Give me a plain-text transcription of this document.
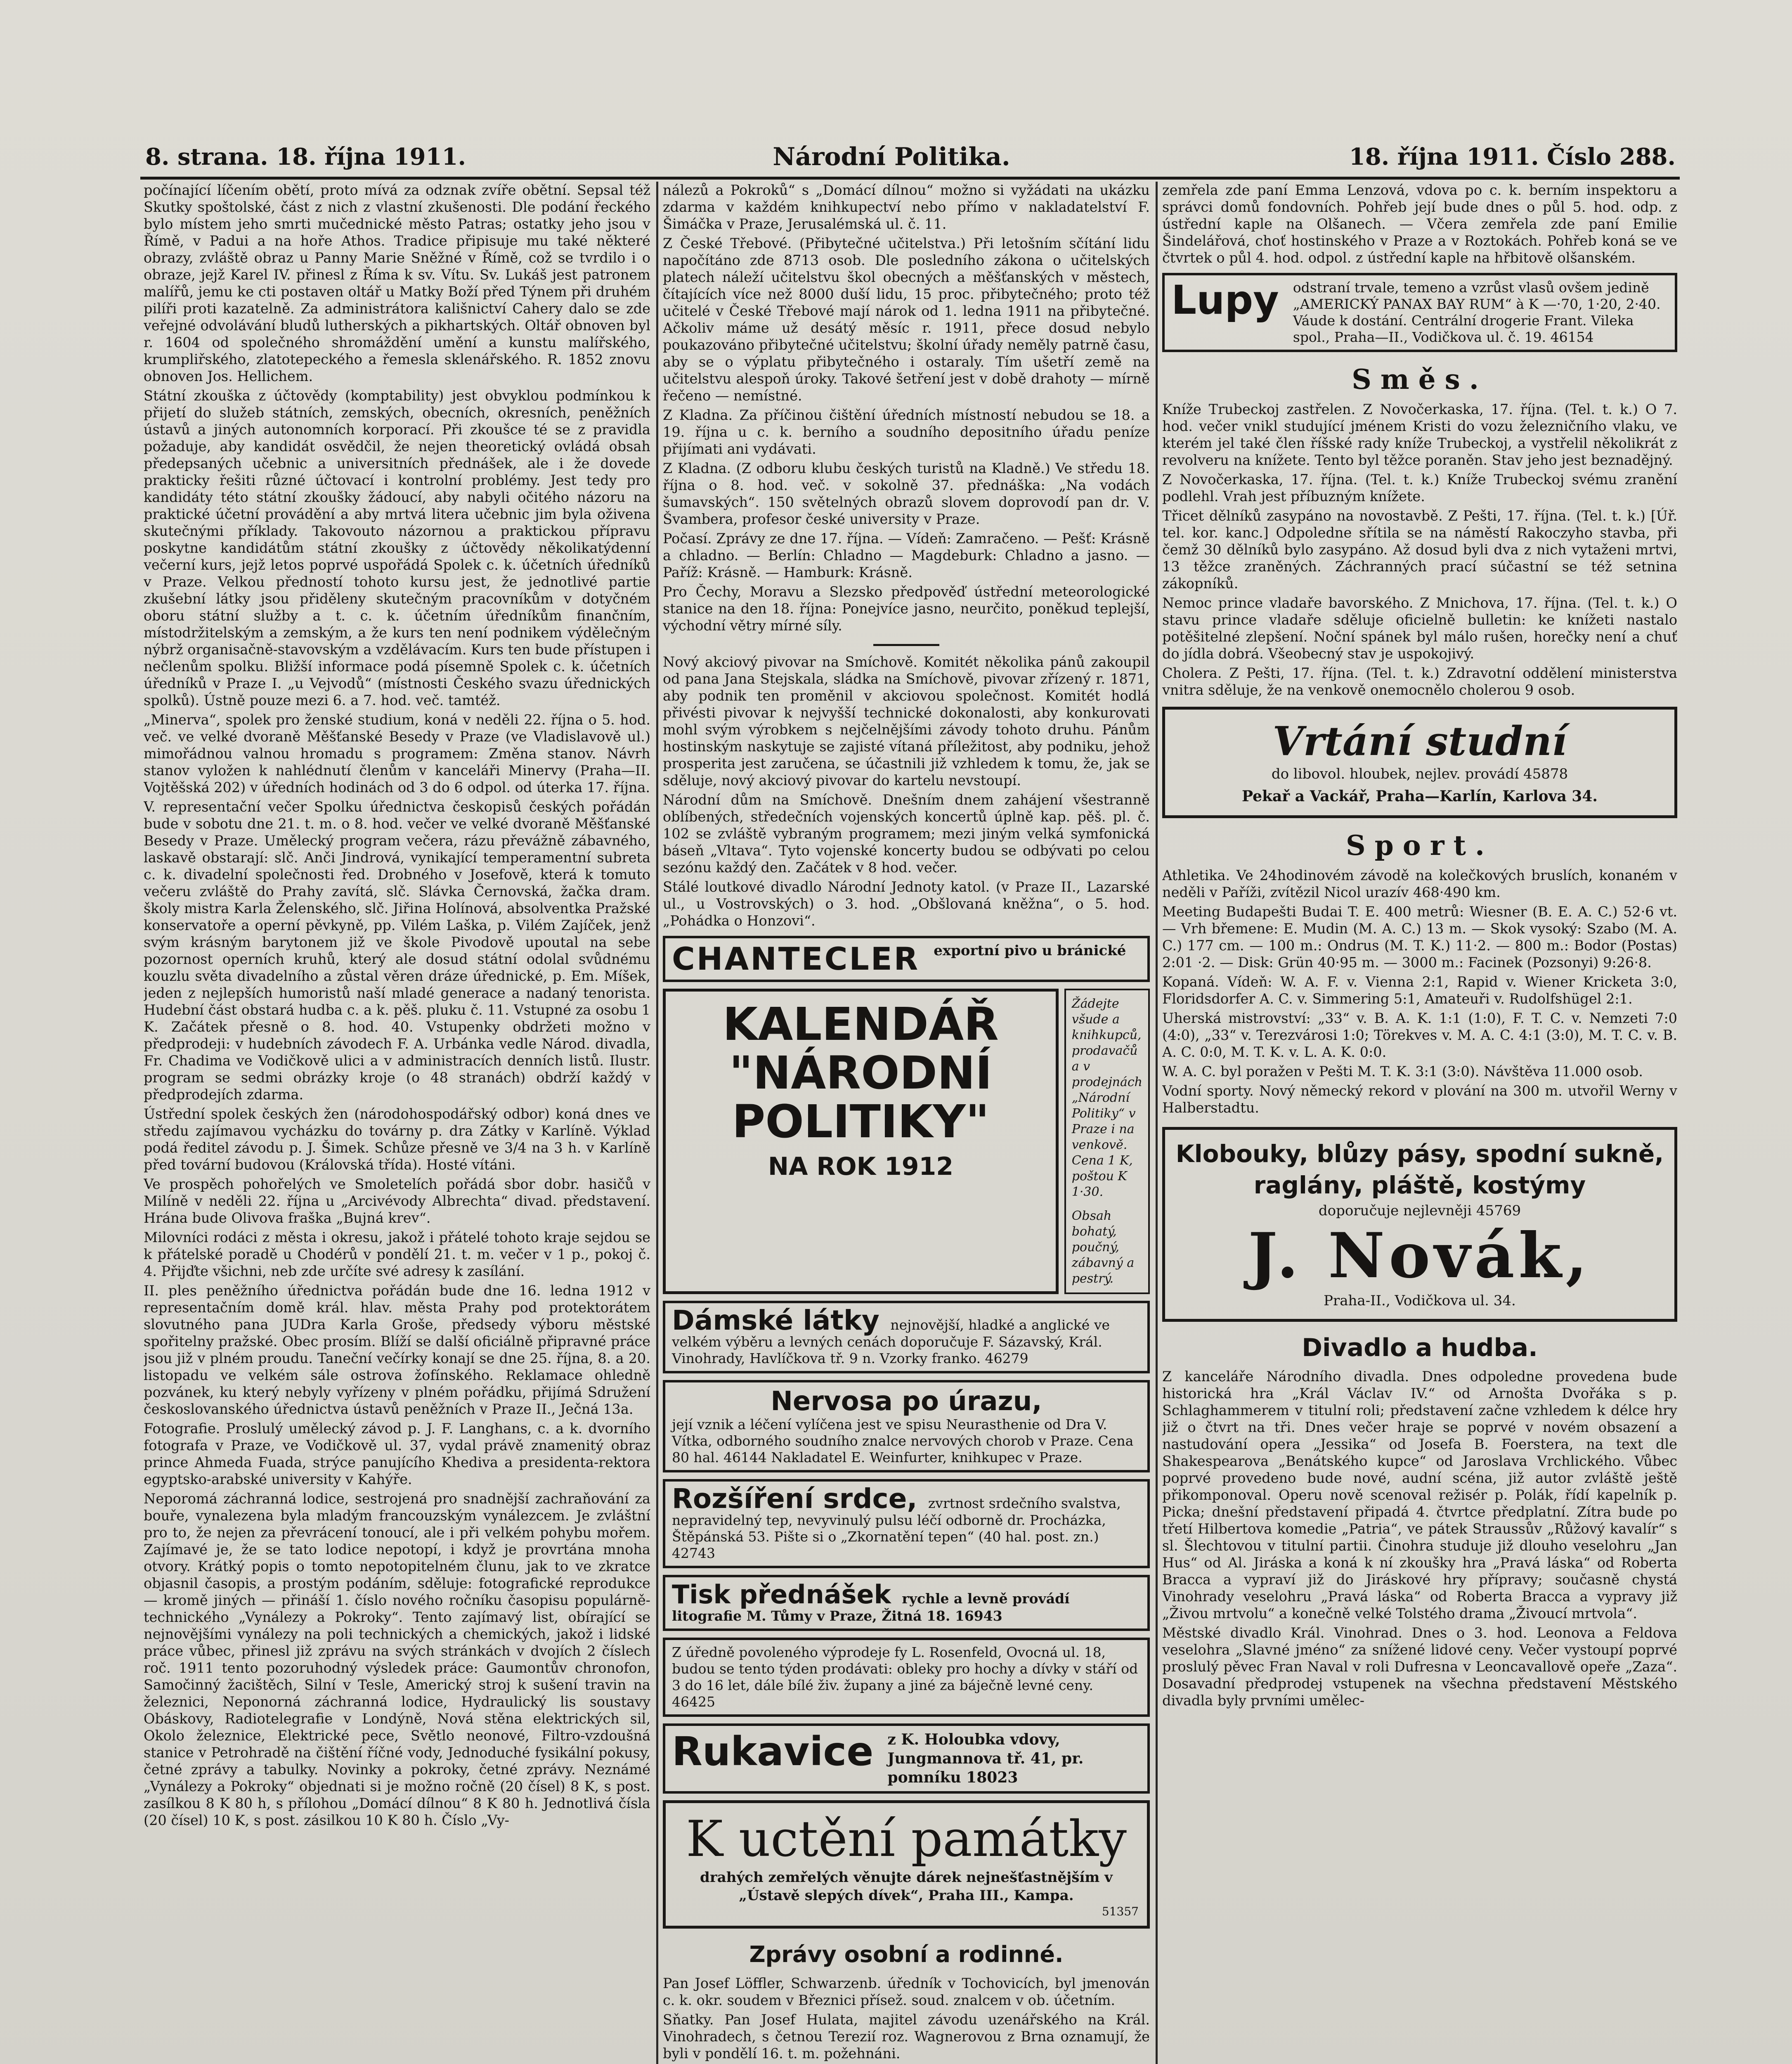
8. strana. 18. října 1911.	Národní Politika.	18. října 1911. Číslo 288.

počínající líčením obětí, proto mívá za odznak zvíře obětní. Sepsal též Skutky spoštolské, část z nich z vlastní zkušenosti. Dle podání řeckého bylo místem jeho smrti mučednické město Patras; ostatky jeho jsou v Římě, v Padui a na hoře Athos. Tradice připisuje mu také některé obrazy, zvláště obraz u Panny Marie Sněžné v Římě, což se tvrdilo i o obraze, jejž Karel IV. přinesl z Říma k sv. Vítu. Sv. Lukáš jest patronem malířů, jemu ke cti postaven oltář u Matky Boží před Týnem při druhém pilíři proti kazatelně. Za administrátora kališnictví Cahery dalo se zde veřejné odvolávání bludů lutherských a pikhartských. Oltář obnoven byl r. 1604 od společného shromáždění umění a kunstu malířského, krumpliřského, zlatotepeckého a řemesla sklenářského. R. 1852 znovu obnoven Jos. Hellichem.

Státní zkouška z účtovědy (komptability) jest obvyklou podmínkou k přijetí do služeb státních, zemských, obecních, okresních, peněžních ústavů a jiných autonomních korporací. Při zkoušce té se z pravidla požaduje, aby kandidát osvědčil, že nejen theoretický ovládá obsah předepsaných učebnic a universitních přednášek, ale i že dovede prakticky řešiti různé účtovací i kontrolní problémy. Jest tedy pro kandidáty této státní zkoušky žádoucí, aby nabyli očitého názoru na praktické účetní provádění a aby mrtvá litera učebnic jim byla oživena skutečnými příklady. Takovouto názornou a praktickou přípravu poskytne kandidátům státní zkoušky z účtovědy několikatýdenní večerní kurs, jejž letos poprvé uspořádá Spolek c. k. účetních úředníků v Praze. Velkou předností tohoto kursu jest, že jednotlivé partie zkušební látky jsou přiděleny skutečným pracovníkům v dotyčném oboru státní služby a t. c. k. účetním úředníkům finančním, místodržitelským a zemským, a že kurs ten není podnikem výdělečným nýbrž organisačně-stavovským a vzdělávacím. Kurs ten bude přístupen i nečlenům spolku. Bližší informace podá písemně Spolek c. k. účetních úředníků v Praze I. „u Vejvodů“ (místnosti Českého svazu úřednických spolků). Ústně pouze mezi 6. a 7. hod. več. tamtéž.

„Minerva“, spolek pro ženské studium, koná v neděli 22. října o 5. hod. več. ve velké dvoraně Měšťanské Besedy v Praze (ve Vladislavově ul.) mimořádnou valnou hromadu s programem: Změna stanov. Návrh stanov vyložen k nahlédnutí členům v kanceláři Minervy (Praha—II. Vojtěšská 202) v úředních hodinách od 3 do 6 odpol. od úterka 17. října.

V. representační večer Spolku úřednictva českopisů českých pořádán bude v sobotu dne 21. t. m. o 8. hod. večer ve velké dvoraně Měšťanské Besedy v Praze. Umělecký program večera, rázu převážně zábavného, laskavě obstarají: slč. Anči Jindrová, vynikající temperamentní subreta c. k. divadelní společnosti řed. Drobného v Josefově, která k tomuto večeru zvláště do Prahy zavítá, slč. Slávka Černovská, žačka dram. školy mistra Karla Želenského, slč. Jiřina Holínová, absolventka Pražské konservatoře a operní pěvkyně, pp. Vilém Laška, p. Vilém Zajíček, jenž svým krásným barytonem již ve škole Pivodově upoutal na sebe pozornost operních kruhů, který ale dosud státní odolal svůdnému kouzlu světa divadelního a zůstal věren dráze úřednické, p. Em. Míšek, jeden z nejlepších humoristů naší mladé generace a nadaný tenorista. Hudební část obstará hudba c. a k. pěš. pluku č. 11. Vstupné za osobu 1 K. Začátek přesně o 8. hod. 40. Vstupenky obdržeti možno v předprodeji: v hudebních závodech F. A. Urbánka vedle Národ. divadla, Fr. Chadima ve Vodičkově ulici a v administracích denních listů. Ilustr. program se sedmi obrázky kroje (o 48 stranách) obdrží každý v předprodejích zdarma.

Ústřední spolek českých žen (národohospodářský odbor) koná dnes ve středu zajímavou vycházku do továrny p. dra Zátky v Karlíně. Výklad podá ředitel závodu p. J. Šimek. Schůze přesně ve 3/4 na 3 h. v Karlíně před tovární budovou (Královská třída). Hosté vítáni.

Ve prospěch pohořelých ve Smoletelích pořádá sbor dobr. hasičů v Milíně v neděli 22. října u „Arcivévody Albrechta“ divad. představení. Hrána bude Olivova fraška „Bujná krev“.

Milovníci rodáci z města i okresu, jakož i přátelé tohoto kraje sejdou se k přátelské poradě u Chodérů v pondělí 21. t. m. večer v 1 p., pokoj č. 4. Přijďte všichni, neb zde určíte své adresy k zasílání.

II. ples peněžního úřednictva pořádán bude dne 16. ledna 1912 v representačním domě král. hlav. města Prahy pod protektorátem slovutného pana JUDra Karla Groše, předsedy výboru městské spořitelny pražské. Obec prosím. Blíží se další oficiálně připravné práce jsou již v plném proudu. Taneční večírky konají se dne 25. října, 8. a 20. listopadu ve velkém sále ostrova žofínského. Reklamace ohledně pozvánek, ku který nebyly vyřízeny v plném pořádku, přijímá Sdružení českoslovanského úřednictva ústavů peněžních v Praze II., Ječná 13a.

Fotografie. Proslulý umělecký závod p. J. F. Langhans, c. a k. dvorního fotografa v Praze, ve Vodičkově ul. 37, vydal právě znamenitý obraz prince Ahmeda Fuada, strýce panujícího Khediva a presidenta-rektora egyptsko-arabské university v Kahýře.

Neporomá záchranná lodice, sestrojená pro snadnější zachraňování za bouře, vynalezena byla mladým francouzským vynálezcem. Je zvláštní pro to, že nejen za převrácení tonoucí, ale i při velkém pohybu mořem. Zajímavé je, že se tato lodice nepotopí, i když je provrtána mnoha otvory. Krátký popis o tomto nepotopitelném člunu, jak to ve zkratce objasnil časopis, a prostým podáním, sděluje: fotografické reprodukce — kromě jiných — přináší 1. číslo nového ročníku časopisu populárně-technického „Vynálezy a Pokroky“. Tento zajímavý list, obírající se nejnovějšími vynálezy na poli technických a chemických, jakož i lidské práce vůbec, přinesl již zprávu na svých stránkách v dvojích 2 číslech roč. 1911 tento pozoruhodný výsledek práce: Gaumontův chronofon, Samočinný žacištěch, Silní v Tesle, Americký stroj k sušení travin na železnici, Neponorná záchranná lodice, Hydraulický lis soustavy Obáskovy, Radiotelegrafie v Londýně, Nová stěna elektrických sil, Okolo železnice, Elektrické pece, Světlo neonové, Filtro-vzdoušná stanice v Petrohradě na čištění říčné vody, Jednoduché fysikální pokusy, četné zprávy a tabulky. Novinky a pokroky, četné zprávy. Neznámé „Vynálezy a Pokroky“ objednati si je možno ročně (20 čísel) 8 K, s post. zasílkou 8 K 80 h, s přílohou „Domácí dílnou“ 8 K 80 h. Jednotlivá čísla (20 čísel) 10 K, s post. zásilkou 10 K 80 h. Číslo „Vy-

nálezů a Pokroků“ s „Domácí dílnou“ možno si vyžádati na ukázku zdarma v každém knihkupectví nebo přímo v nakladatelství F. Šimáčka v Praze, Jerusalémská ul. č. 11.

Z České Třebové. (Přibytečné učitelstva.) Při letošním sčítání lidu napočítáno zde 8713 osob. Dle posledního zákona o učitelských platech náleží učitelstvu škol obecných a měšťanských v městech, čítajících více než 8000 duší lidu, 15 proc. přibytečného; proto též učitelé v České Třebové mají nárok od 1. ledna 1911 na přibytečné. Ačkoliv máme už desátý měsíc r. 1911, přece dosud nebylo poukazováno přibytečné učitelstvu; školní úřady neměly patrně času, aby se o výplatu přibytečného i ostaraly. Tím ušetří země na učitelstvu alespoň úroky. Takové šetření jest v době drahoty — mírně řečeno — nemístné.

Z Kladna. Za příčinou čištění úředních místností nebudou se 18. a 19. října u c. k. berního a soudního depositního úřadu peníze přijímati ani vydávati.

Z Kladna. (Z odboru klubu českých turistů na Kladně.) Ve středu 18. října o 8. hod. več. v sokolně 37. přednáška: „Na vodách šumavských“. 150 světelných obrazů slovem doprovodí pan dr. V. Švambera, profesor české university v Praze.

Počasí. Zprávy ze dne 17. října. — Vídeň: Zamračeno. — Pešť: Krásně a chladno. — Berlín: Chladno — Magdeburk: Chladno a jasno. — Paříž: Krásně. — Hamburk: Krásně.

Pro Čechy, Moravu a Slezsko předpověď ústřední meteorologické stanice na den 18. října: Ponejvíce jasno, neurčito, poněkud teplejší, východní větry mírné síly.

Nový akciový pivovar na Smíchově. Komitét několika pánů zakoupil od pana Jana Stejskala, sládka na Smíchově, pivovar zřízený r. 1871, aby podnik ten proměnil v akciovou společnost. Komitét hodlá přivésti pivovar k nejvyšší technické dokonalosti, aby konkurovati mohl svým výrobkem s nejčelnějšími závody tohoto druhu. Pánům hostinským naskytuje se zajisté vítaná příležitost, aby podniku, jehož prosperita jest zaručena, se účastnili již vzhledem k tomu, že, jak se sděluje, nový akciový pivovar do kartelu nevstoupí.

Národní dům na Smíchově. Dnešním dnem zahájení všestranně oblíbených, středečních vojenských koncertů úplně kap. pěš. pl. č. 102 se zvláště vybraným programem; mezi jiným velká symfonická báseň „Vltava“. Tyto vojenské koncerty budou se odbývati po celou sezónu každý den. Začátek v 8 hod. večer.

Stálé loutkové divadlo Národní Jednoty katol. (v Praze II., Lazarské ul., u Vostrovských) o 3. hod. „Obšlovaná kněžna“, o 5. hod. „Pohádka o Honzovi“.

CHANTECLER exportní pivo u bránické
KALENDÁŘ
"NÁRODNÍ
POLITIKY"
NA ROK 1912
Žádejte všude a knihkupců, prodavačů a v prodejnách „Národní Politiky“ v Praze i na venkově. Cena 1 K, poštou K 1·30.
Obsah bohatý, poučný, zábavný a pestrý.
Dámské látky nejnovější, hladké a anglické ve velkém výběru a levných cenách doporučuje F. Sázavský, Král. Vinohrady, Havlíčkova tř. 9 n. Vzorky franko. 46279
Nervosa po úrazu,
její vznik a léčení vylíčena jest ve spisu Neurasthenie od Dra V. Vítka, odborného soudního znalce nervových chorob v Praze. Cena 80 hal. 46144 Nakladatel E. Weinfurter, knihkupec v Praze.
Rozšíření srdce, zvrtnost srdečního svalstva, nepravidelný tep, nevyvinulý pulsu léčí odborně dr. Procházka, Štěpánská 53. Pište si o „Zkornatění tepen“ (40 hal. post. zn.) 42743
Tisk přednášek rychle a levně provádí litografie M. Tůmy v Praze, Žitná 18. 16943
Z úředně povoleného výprodeje fy L. Rosenfeld, Ovocná ul. 18, budou se tento týden prodávati: obleky pro hochy a dívky v stáří od 3 do 16 let, dále bílé živ. župany a jiné za báječně levné ceny. 46425
Rukavice z K. Holoubka vdovy, Jungmannova tř. 41, pr. pomníku 18023
K uctění památky
drahých zemřelých věnujte dárek nejnešťastnějším v „Ústavě slepých dívek“, Praha III., Kampa.
51357
Zprávy osobní a rodinné.

Pan Josef Löffler, Schwarzenb. úředník v Tochovicích, byl jmenován c. k. okr. soudem v Březnici přísež. soud. znalcem v ob. účetním.

Sňatky. Pan Josef Hulata, majitel závodu uzenářského na Král. Vinohradech, s četnou Terezií roz. Wagnerovou z Brna oznamují, že byli v pondělí 16. t. m. požehnáni.

zemřela zde paní Emma Lenzová, vdova po c. k. berním inspektoru a správci domů fondovních. Pohřeb její bude dnes o půl 5. hod. odp. z ústřední kaple na Olšanech. — Včera zemřela zde paní Emilie Šindelářová, choť hostinského v Praze a v Roztokách. Pohřeb koná se ve čtvrtek o půl 4. hod. odpol. z ústřední kaple na hřbitově olšanském.

Lupy odstraní trvale, temeno a vzrůst vlasů ovšem jedině „AMERICKÝ PANAX BAY RUM“ à K —·70, 1·20, 2·40. Váude k dostání. Centrální drogerie Frant. Vileka spol., Praha—II., Vodičkova ul. č. 19. 46154
Směs.

Kníže Trubeckoj zastřelen. Z Novočerkaska, 17. října. (Tel. t. k.) O 7. hod. večer vnikl studující jménem Kristi do vozu železničního vlaku, ve kterém jel také člen říšské rady kníže Trubeckoj, a vystřelil několikrát z revolveru na knížete. Tento byl těžce poraněn. Stav jeho jest beznadějný.

Z Novočerkaska, 17. října. (Tel. t. k.) Kníže Trubeckoj svému zranění podlehl. Vrah jest příbuzným knížete.

Třicet dělníků zasypáno na novostavbě. Z Pešti, 17. října. (Tel. t. k.) [Úř. tel. kor. kanc.] Odpoledne sřítila se na náměstí Rakoczyho stavba, při čemž 30 dělníků bylo zasypáno. Až dosud byli dva z nich vytaženi mrtvi, 13 těžce zraněných. Záchranných prací súčastní se též setnina zákopníků.

Nemoc prince vladaře bavorského. Z Mnichova, 17. října. (Tel. t. k.) O stavu prince vladaře sděluje oficielně bulletin: ke knížeti nastalo potěšitelné zlepšení. Noční spánek byl málo rušen, horečky není a chuť do jídla dobrá. Všeobecný stav je uspokojivý.

Cholera. Z Pešti, 17. října. (Tel. t. k.) Zdravotní oddělení ministerstva vnitra sděluje, že na venkově onemocnělo cholerou 9 osob.

Vrtání studní
do libovol. hloubek, nejlev. provádí 45878
Pekař a Vackář, Praha—Karlín, Karlova 34.
Sport.

Athletika. Ve 24hodinovém závodě na kolečkových bruslích, konaném v neděli v Paříži, zvítězil Nicol urazív 468·490 km.

Meeting Budapešti Budai T. E. 400 metrů: Wiesner (B. E. A. C.) 52·6 vt. — Vrh břemene: E. Mudin (M. A. C.) 13 m. — Skok vysoký: Szabo (M. A. C.) 177 cm. — 100 m.: Ondrus (M. T. K.) 11·2. — 800 m.: Bodor (Postas) 2:01 ·2. — Disk: Grün 40·95 m. — 3000 m.: Facinek (Pozsonyi) 9:26·8.

Kopaná. Vídeň: W. A. F. v. Vienna 2:1, Rapid v. Wiener Kricketa 3:0, Floridsdorfer A. C. v. Simmering 5:1, Amateuři v. Rudolfshügel 2:1.

Uherská mistrovství: „33“ v. B. A. K. 1:1 (1:0), F. T. C. v. Nemzeti 7:0 (4:0), „33“ v. Terezvárosi 1:0; Törekves v. M. A. C. 4:1 (3:0), M. T. C. v. B. A. C. 0:0, M. T. K. v. L. A. K. 0:0.

W. A. C. byl poražen v Pešti M. T. K. 3:1 (3:0). Návštěva 11.000 osob.

Vodní sporty. Nový německý rekord v plování na 300 m. utvořil Werny v Halberstadtu.

Klobouky, blůzy pásy, spodní sukně, raglány, pláště, kostýmy
doporučuje nejlevněji 45769
J. Novák,
Praha-II., Vodičkova ul. 34.
Divadlo a hudba.

Z kanceláře Národního divadla. Dnes odpoledne provedena bude historická hra „Král Václav IV.“ od Arnošta Dvořáka s p. Schlaghammerem v titulní roli; představení začne vzhledem k délce hry již o čtvrt na tři. Dnes večer hraje se poprvé v novém obsazení a nastudování opera „Jessika“ od Josefa B. Foerstera, na text dle Shakespearova „Benátského kupce“ od Jaroslava Vrchlického. Vůbec poprvé provedeno bude nové, audní scéna, již autor zvláště ještě přikomponoval. Operu nově scenoval režisér p. Polák, řídí kapelník p. Picka; dnešní představení připadá 4. čtvrtce předplatní. Zítra bude po třetí Hilbertova komedie „Patria“, ve pátek Straussův „Růžový kavalír“ s sl. Šlechtovou v titulní partii. Činohra studuje již dlouho veselohru „Jan Hus“ od Al. Jiráska a koná k ní zkoušky hra „Pravá láska“ od Roberta Bracca a vypraví již do Jiráskové hry přípravy; současně chystá Vinohrady veselohru „Pravá láska“ od Roberta Bracca a vypravy již „Živou mrtvolu“ a konečně velké Tolstého drama „Živoucí mrtvola“.

Městské divadlo Král. Vinohrad. Dnes o 3. hod. Leonova a Feldova veselohra „Slavné jméno“ za snížené lidové ceny. Večer vystoupí poprvé proslulý pěvec Fran Naval v roli Dufresna v Leoncavallově opeře „Zaza“. Dosavadní předprodej vstupenek na všechna představení Městského divadla byly prvními umělec-
